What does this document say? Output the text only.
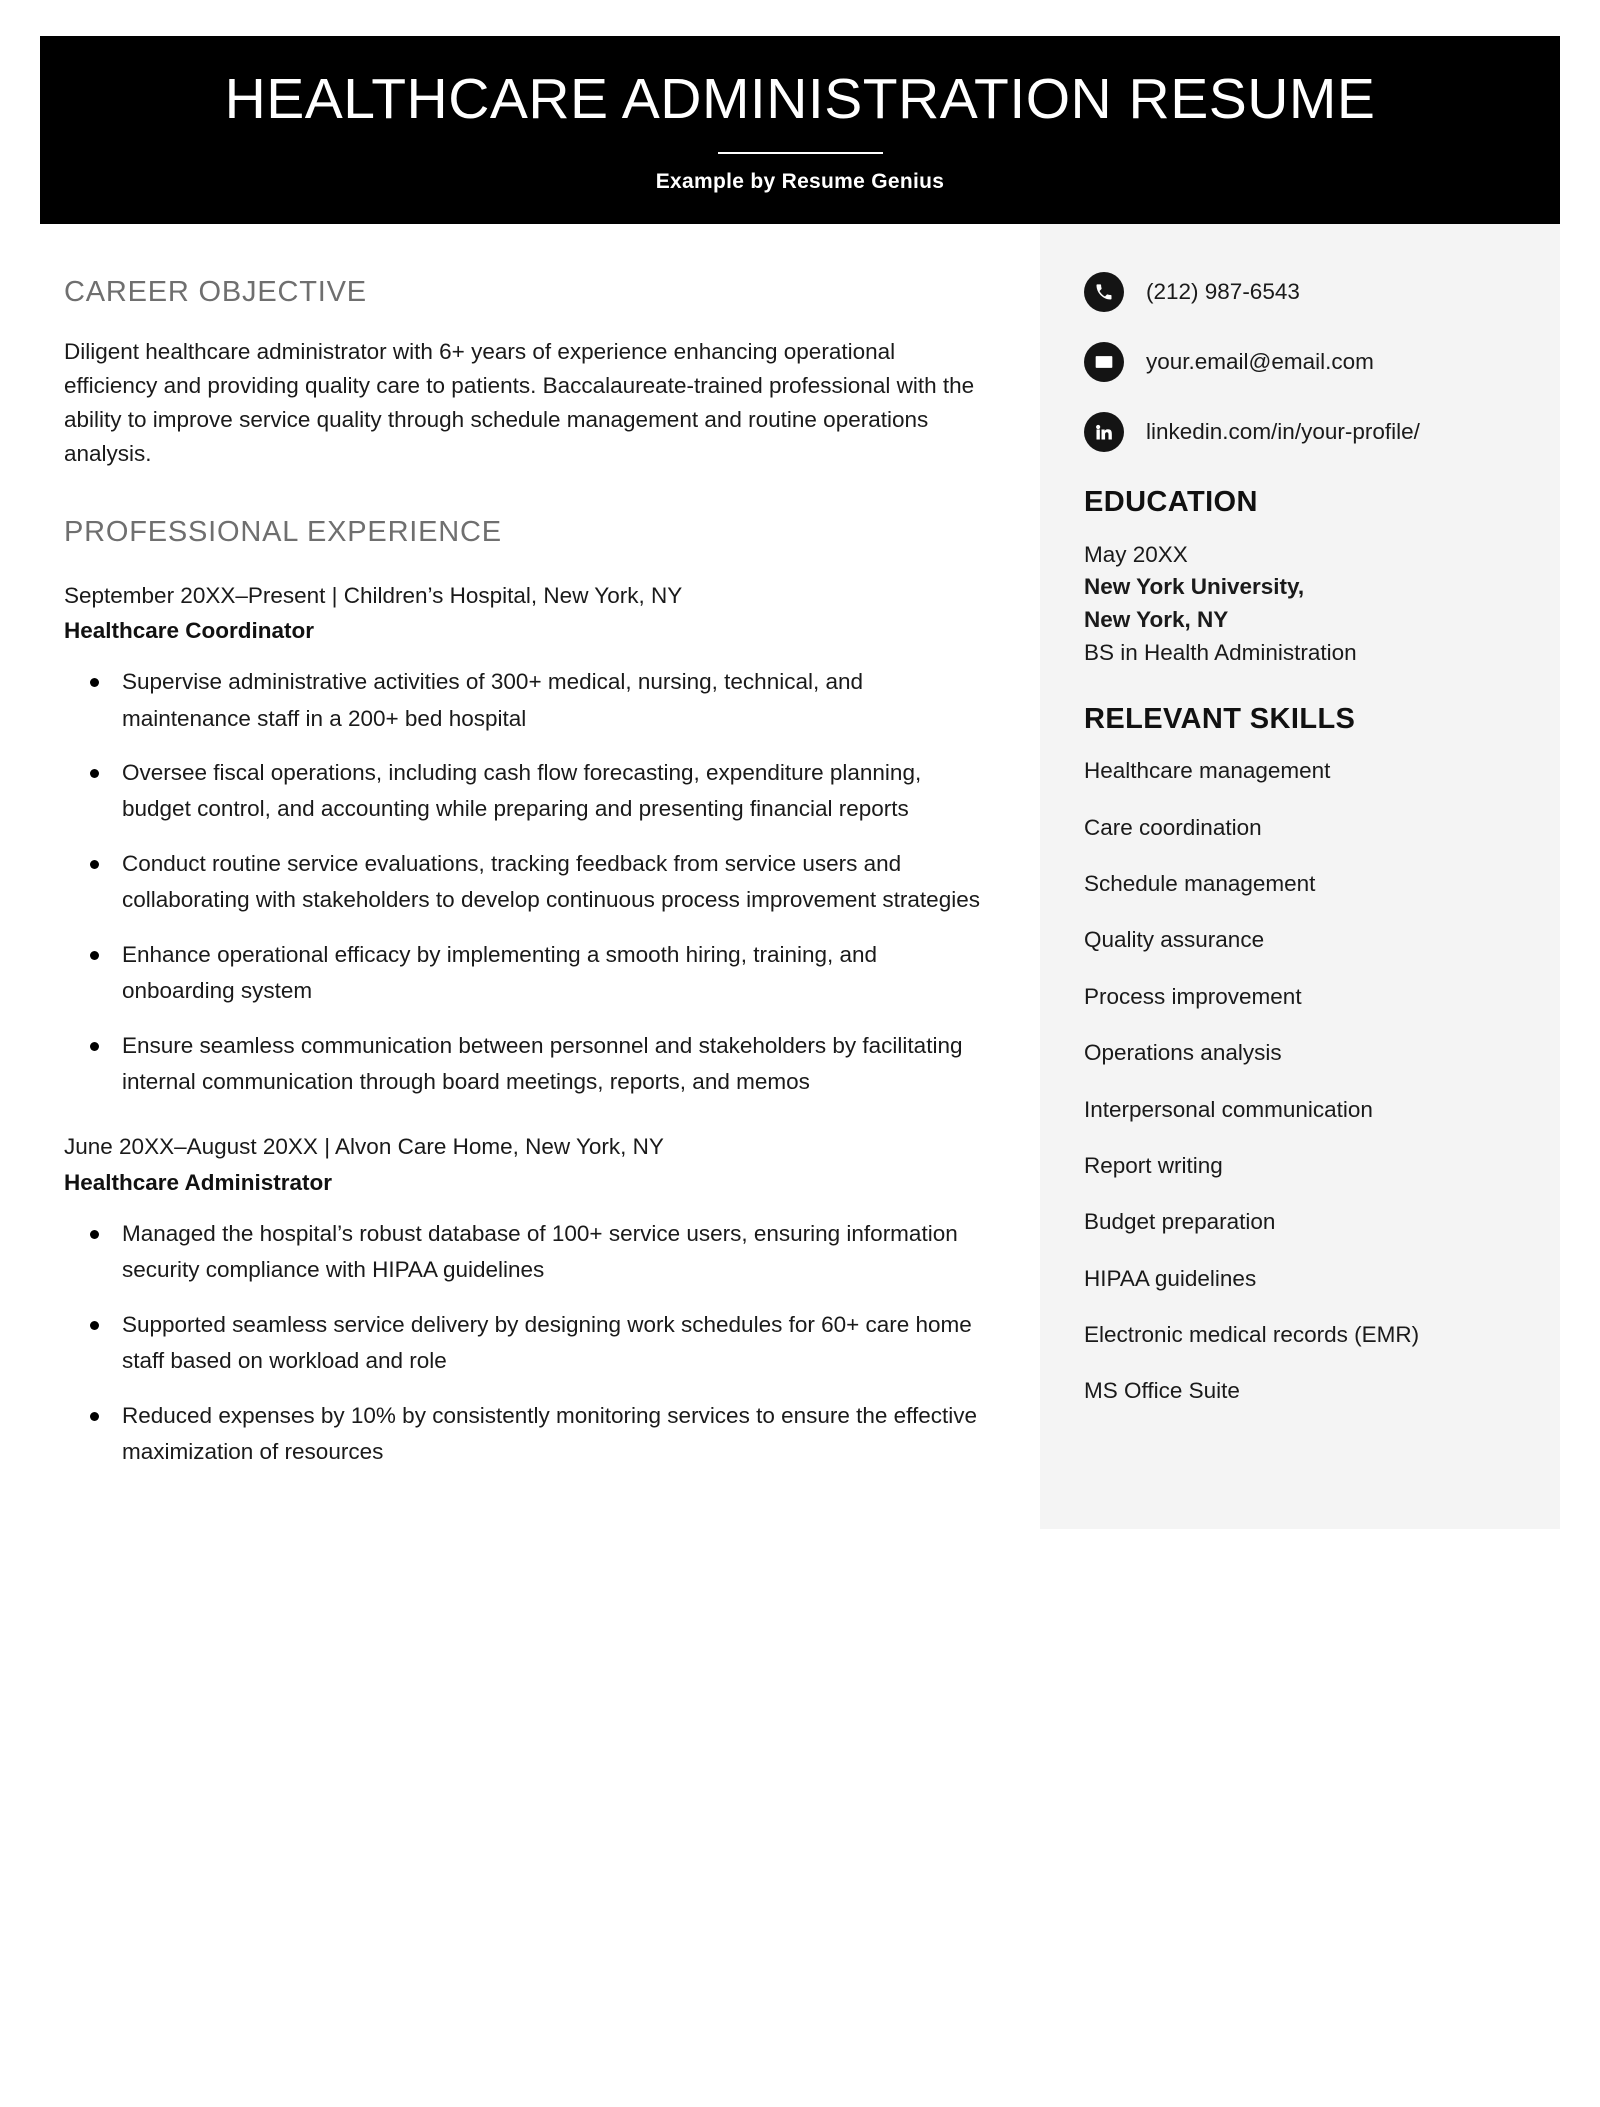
HEALTHCARE ADMINISTRATION RESUME
Example by Resume Genius
CAREER OBJECTIVE

Diligent healthcare administrator with 6+ years of experience enhancing operational efficiency and providing quality care to patients. Baccalaureate-trained professional with the ability to improve service quality through schedule management and routine operations analysis.

PROFESSIONAL EXPERIENCE
September 20XX–Present | Children’s Hospital, New York, NY
Healthcare Coordinator
Supervise administrative activities of 300+ medical, nursing, technical, and maintenance staff in a 200+ bed hospital
Oversee fiscal operations, including cash flow forecasting, expenditure planning, budget control, and accounting while preparing and presenting financial reports
Conduct routine service evaluations, tracking feedback from service users and collaborating with stakeholders to develop continuous process improvement strategies
Enhance operational efficacy by implementing a smooth hiring, training, and onboarding system
Ensure seamless communication between personnel and stakeholders by facilitating internal communication through board meetings, reports, and memos
June 20XX–August 20XX | Alvon Care Home, New York, NY
Healthcare Administrator
Managed the hospital’s robust database of 100+ service users, ensuring information security compliance with HIPAA guidelines
Supported seamless service delivery by designing work schedules for 60+ care home staff based on workload and role
Reduced expenses by 10% by consistently monitoring services to ensure the effective maximization of resources
(212) 987-6543
your.email@email.com
linkedin.com/in/your-profile/
EDUCATION
May 20XX
New York University,
New York, NY
BS in Health Administration
RELEVANT SKILLS
Healthcare management
Care coordination
Schedule management
Quality assurance
Process improvement
Operations analysis
Interpersonal communication
Report writing
Budget preparation
HIPAA guidelines
Electronic medical records (EMR)
MS Office Suite
